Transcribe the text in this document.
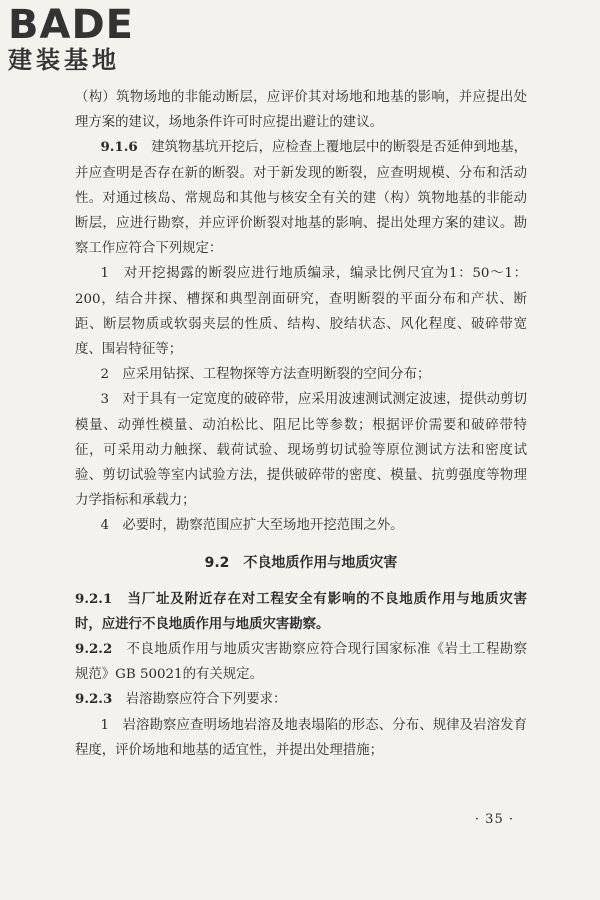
BADE
建装基地

（构）筑物场地的非能动断层，应评价其对场地和地基的影响，并应提出处理方案的建议，场地条件许可时应提出避让的建议。

9.1.6　 建筑物基坑开挖后，应检查上覆地层中的断裂是否延伸到地基，并应查明是否存在新的断裂。对于新发现的断裂，应查明规模、分布和活动性。对通过核岛、常规岛和其他与核安全有关的建（构）筑物地基的非能动断层，应进行勘察，并应评价断裂对地基的影响、提出处理方案的建议。勘察工作应符合下列规定：

1　对开挖揭露的断裂应进行地质编录，编录比例尺宜为1：50～1：200，结合井探、槽探和典型剖面研究，查明断裂的平面分布和产状、断距、断层物质或软弱夹层的性质、结构、胶结状态、风化程度、破碎带宽度、围岩特征等；

2　应采用钻探、工程物探等方法查明断裂的空间分布；

3　对于具有一定宽度的破碎带，应采用波速测试测定波速，提供动剪切模量、动弹性模量、动泊松比、阻尼比等参数；根据评价需要和破碎带特征，可采用动力触探、载荷试验、现场剪切试验等原位测试方法和密度试验、剪切试验等室内试验方法，提供破碎带的密度、模量、抗剪强度等物理力学指标和承载力；

4　必要时，勘察范围应扩大至场地开挖范围之外。

9.2　不良地质作用与地质灾害

9.2.1　 当厂址及附近存在对工程安全有影响的不良地质作用与地质灾害时，应进行不良地质作用与地质灾害勘察。

9.2.2　 不良地质作用与地质灾害勘察应符合现行国家标准《岩土工程勘察规范》GB 50021的有关规定。

9.2.3　 岩溶勘察应符合下列要求：

1　岩溶勘察应查明场地岩溶及地表塌陷的形态、分布、规律及岩溶发育程度，评价场地和地基的适宜性，并提出处理措施；

· 35 ·
